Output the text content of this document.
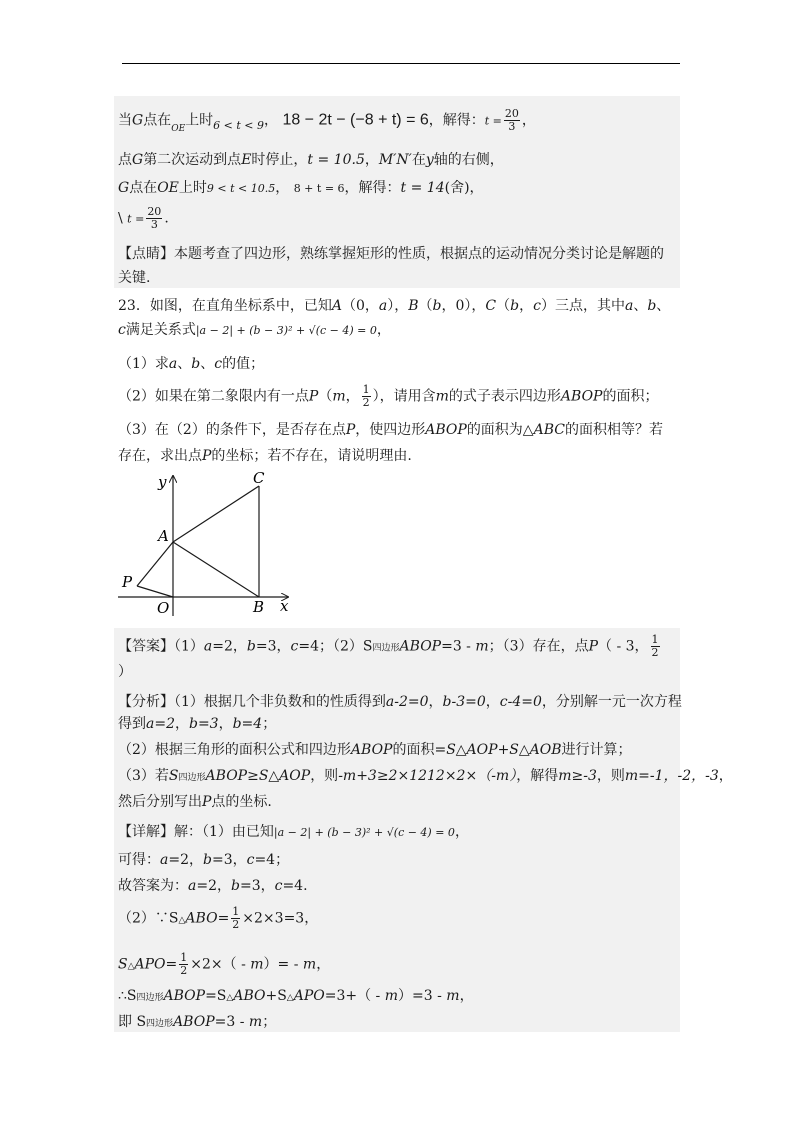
当G点在$_{OE}$上时$_{6 < t < 9}$， 18 − 2t − (−8 + t) = 6，解得：$t = \frac{20}{3}$ ，
点G第二次运动到点E时停止，t = 10.5，M′N′在y轴的右侧，
G点在OE上时9 < t < 10.5， 8 + t = 6，解得：t = 14(舍)，
\ $t = \frac{20}{3}$ .
【点睛】本题考查了四边形，熟练掌握矩形的性质，根据点的运动情况分类讨论是解题的
关键.
23．如图，在直角坐标系中，已知A（0，a），B（b，0），C（b，c）三点，其中a、b、
c满足关系式|a − 2| + (b − 3)² + √(c − 4) = 0，
（1）求a、b、c的值；
（2）如果在第二象限内有一点P（m， $\frac{1}{2}$ ），请用含m的式子表示四边形ABOP的面积；
（3）在（2）的条件下，是否存在点P，使四边形ABOP的面积为△ABC的面积相等？若
存在，求出点P的坐标；若不存在，请说明理由.
y	C
A
P
O	B x
【答案】（1）a=2，b=3，c=4；（2）S四边形ABOP=3 - m；（3）存在，点P（ - 3， $\frac{1}{2}$
）
【分析】（1）根据几个非负数和的性质得到a-2=0，b-3=0，c-4=0，分别解一元一次方程
得到a=2，b=3，b=4；
（2）根据三角形的面积公式和四边形ABOP的面积=S△AOP+S△AOB进行计算；
（3）若S四边形ABOP≥S△AOP，则-m+3≥2×1212×2×（-m），解得m≥-3，则m=-1，-2，-3，
然后分别写出P点的坐标.
【详解】解：（1）由已知|a − 2| + (b − 3)² + √(c − 4) = 0，
可得：a=2，b=3，c=4；
故答案为：a=2，b=3，c=4.
（2）∵S△ABO= $\frac{1}{2} \times 2\times 3=3$，
S△APO= $\frac{1}{2} \times 2\times( - m)= - m$，
∴S四边形ABOP=S△ABO+S△APO=3+（ - m）=3 - m，
即 S四边形ABOP=3 - m；
